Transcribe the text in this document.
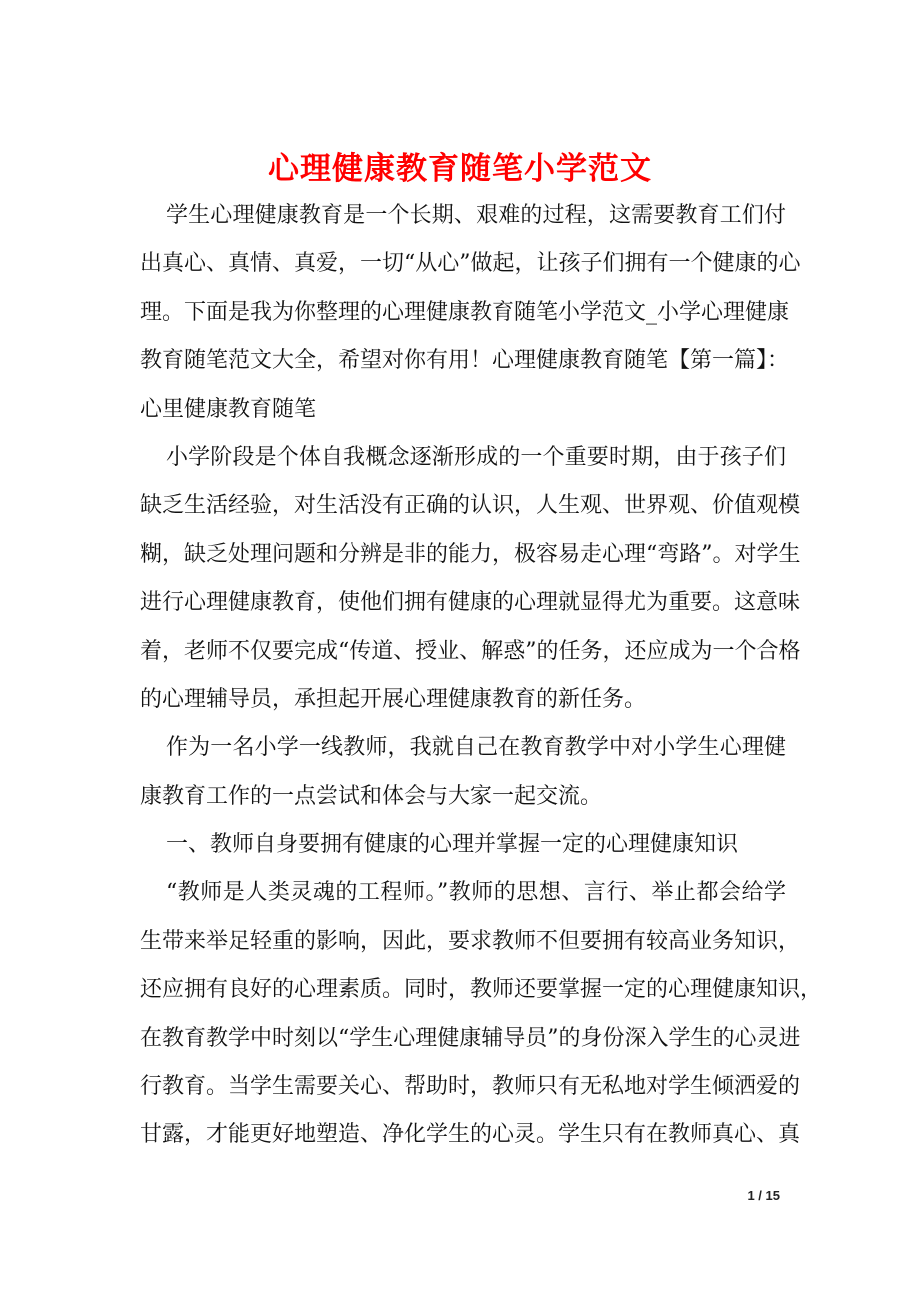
心理健康教育随笔小学范文
学生心理健康教育是一个长期、艰难的过程，这需要教育工们付
出真心、真情、真爱，一切“从心”做起，让孩子们拥有一个健康的心
理。下面是我为你整理的心理健康教育随笔小学范文_小学心理健康
教育随笔范文大全，希望对你有用！心理健康教育随笔【第一篇】：
心里健康教育随笔
小学阶段是个体自我概念逐渐形成的一个重要时期，由于孩子们
缺乏生活经验，对生活没有正确的认识，人生观、世界观、价值观模
糊，缺乏处理问题和分辨是非的能力，极容易走心理“弯路”。对学生
进行心理健康教育，使他们拥有健康的心理就显得尤为重要。这意味
着，老师不仅要完成“传道、授业、解惑”的任务，还应成为一个合格
的心理辅导员，承担起开展心理健康教育的新任务。
作为一名小学一线教师，我就自己在教育教学中对小学生心理健
康教育工作的一点尝试和体会与大家一起交流。
一、教师自身要拥有健康的心理并掌握一定的心理健康知识
“教师是人类灵魂的工程师。”教师的思想、言行、举止都会给学
生带来举足轻重的影响，因此，要求教师不但要拥有较高业务知识，
还应拥有良好的心理素质。同时，教师还要掌握一定的心理健康知识，
在教育教学中时刻以“学生心理健康辅导员”的身份深入学生的心灵进
行教育。当学生需要关心、帮助时，教师只有无私地对学生倾洒爱的
甘露，才能更好地塑造、净化学生的心灵。学生只有在教师真心、真
1 / 15
